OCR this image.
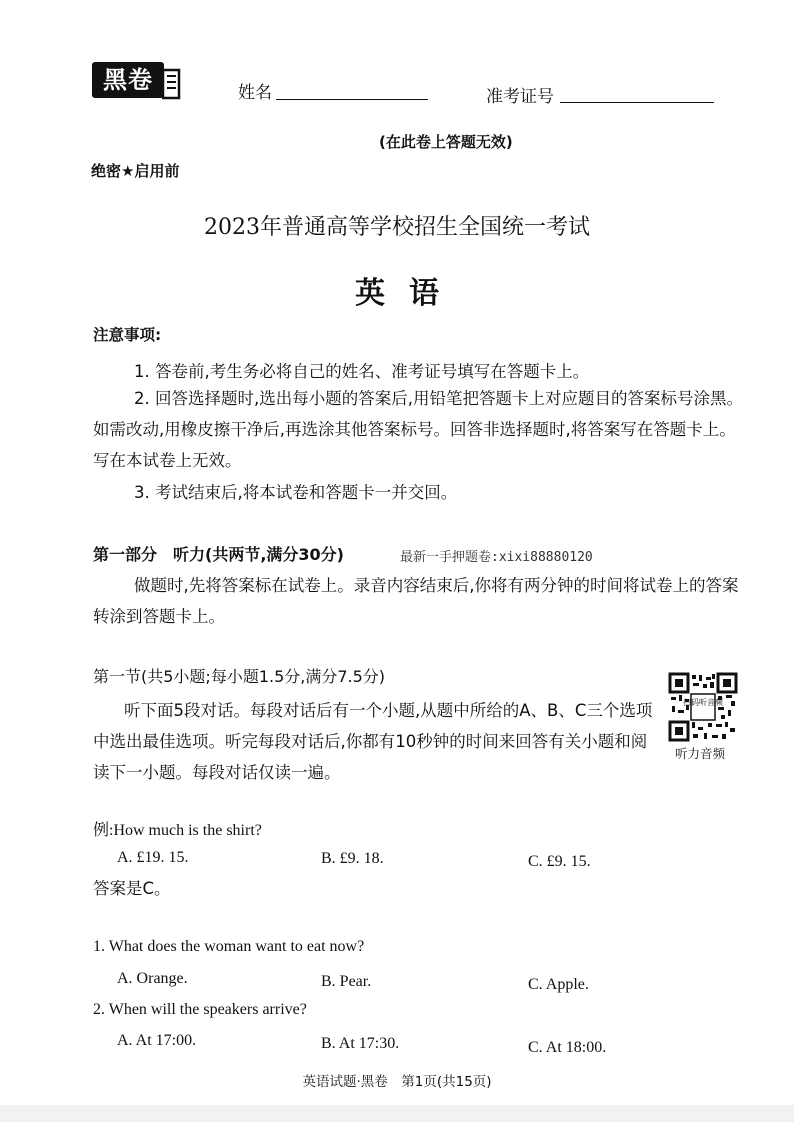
黑卷	姓名	准考证号
(在此卷上答题无效)
绝密★启用前
2023年普通高等学校招生全国统一考试
英语
注意事项:
1. 答卷前,考生务必将自己的姓名、准考证号填写在答题卡上。
2. 回答选择题时,选出每小题的答案后,用铅笔把答题卡上对应题目的答案标号涂黑。如需改动,用橡皮擦干净后,再选涂其他答案标号。回答非选择题时,将答案写在答题卡上。写在本试卷上无效。
3. 考试结束后,将本试卷和答题卡一并交回。
第一部分　听力(共两节,满分30分)	最新一手押题卷:xixi88880120
做题时,先将答案标在试卷上。录音内容结束后,你将有两分钟的时间将试卷上的答案转涂到答题卡上。
第一节(共5小题;每小题1.5分,满分7.5分)
听下面5段对话。每段对话后有一个小题,从题中所给的A、B、C三个选项中选出最佳选项。听完每段对话后,你都有10秒钟的时间来回答有关小题和阅读下一小题。每段对话仅读一遍。
扫码听音频
听力音频
例:How much is the shirt?
A. £19. 15.	B. £9. 18.	C. £9. 15.
答案是C。
1. What does the woman want to eat now?
A. Orange.	B. Pear.	C. Apple.
2. When will the speakers arrive?
A. At 17:00.	B. At 17:30.	C. At 18:00.
英语试题·黑卷　第1页(共15页)
